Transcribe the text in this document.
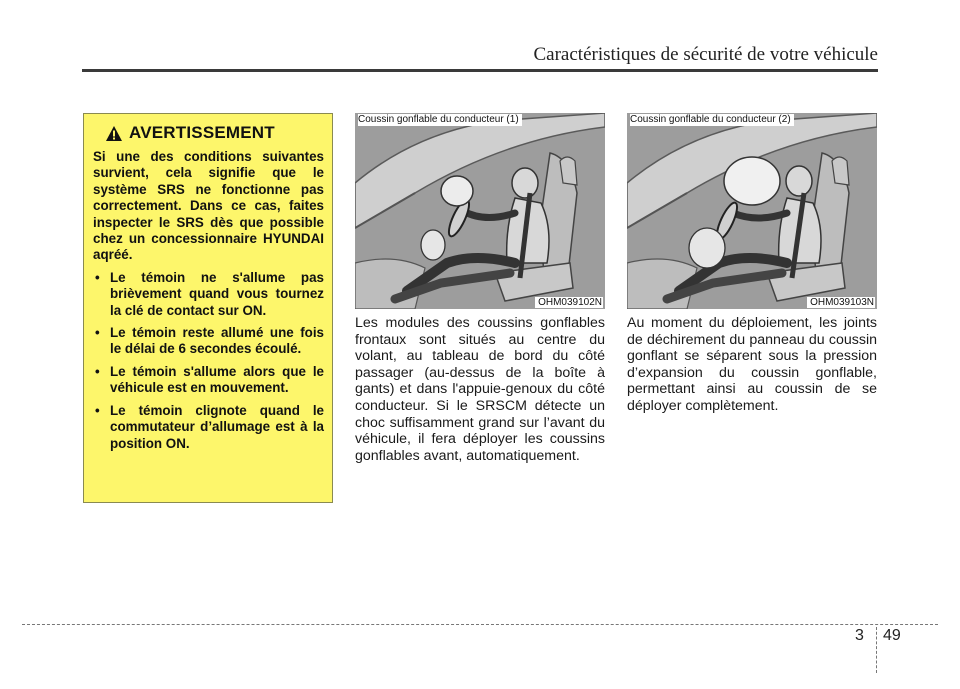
Caractéristiques de sécurité de votre véhicule
AVERTISSEMENT

Si une des conditions suivantes survient, cela signifie que le système SRS ne fonctionne pas correctement. Dans ce cas, faites inspecter le SRS dès que possible chez un concessionnaire HYUNDAI aqréé.

• Le témoin ne s'allume pas brièvement quand vous tournez la clé de contact sur ON.
• Le témoin reste allumé une fois le délai de 6 secondes écoulé.
• Le témoin s'allume alors que le véhicule est en mouvement.
• Le témoin clignote quand le commutateur d’allumage est à la position ON.
Coussin gonflable du conducteur (1)
OHM039102N
Coussin gonflable du conducteur (2)
OHM039103N

Les modules des coussins gonflables frontaux sont situés au centre du volant, au tableau de bord du côté passager (au-dessus de la boîte à gants) et dans l'appuie-genoux du côté conducteur. Si le SRSCM détecte un choc suffisamment grand sur l’avant du véhicule, il fera déployer les coussins gonflables avant, automatiquement.

Au moment du déploiement, les joints de déchirement du panneau du coussin gonflant se séparent sous la pression d’expansion du coussin gonflable, permettant ainsi au coussin de se déployer complètement.

3 49
